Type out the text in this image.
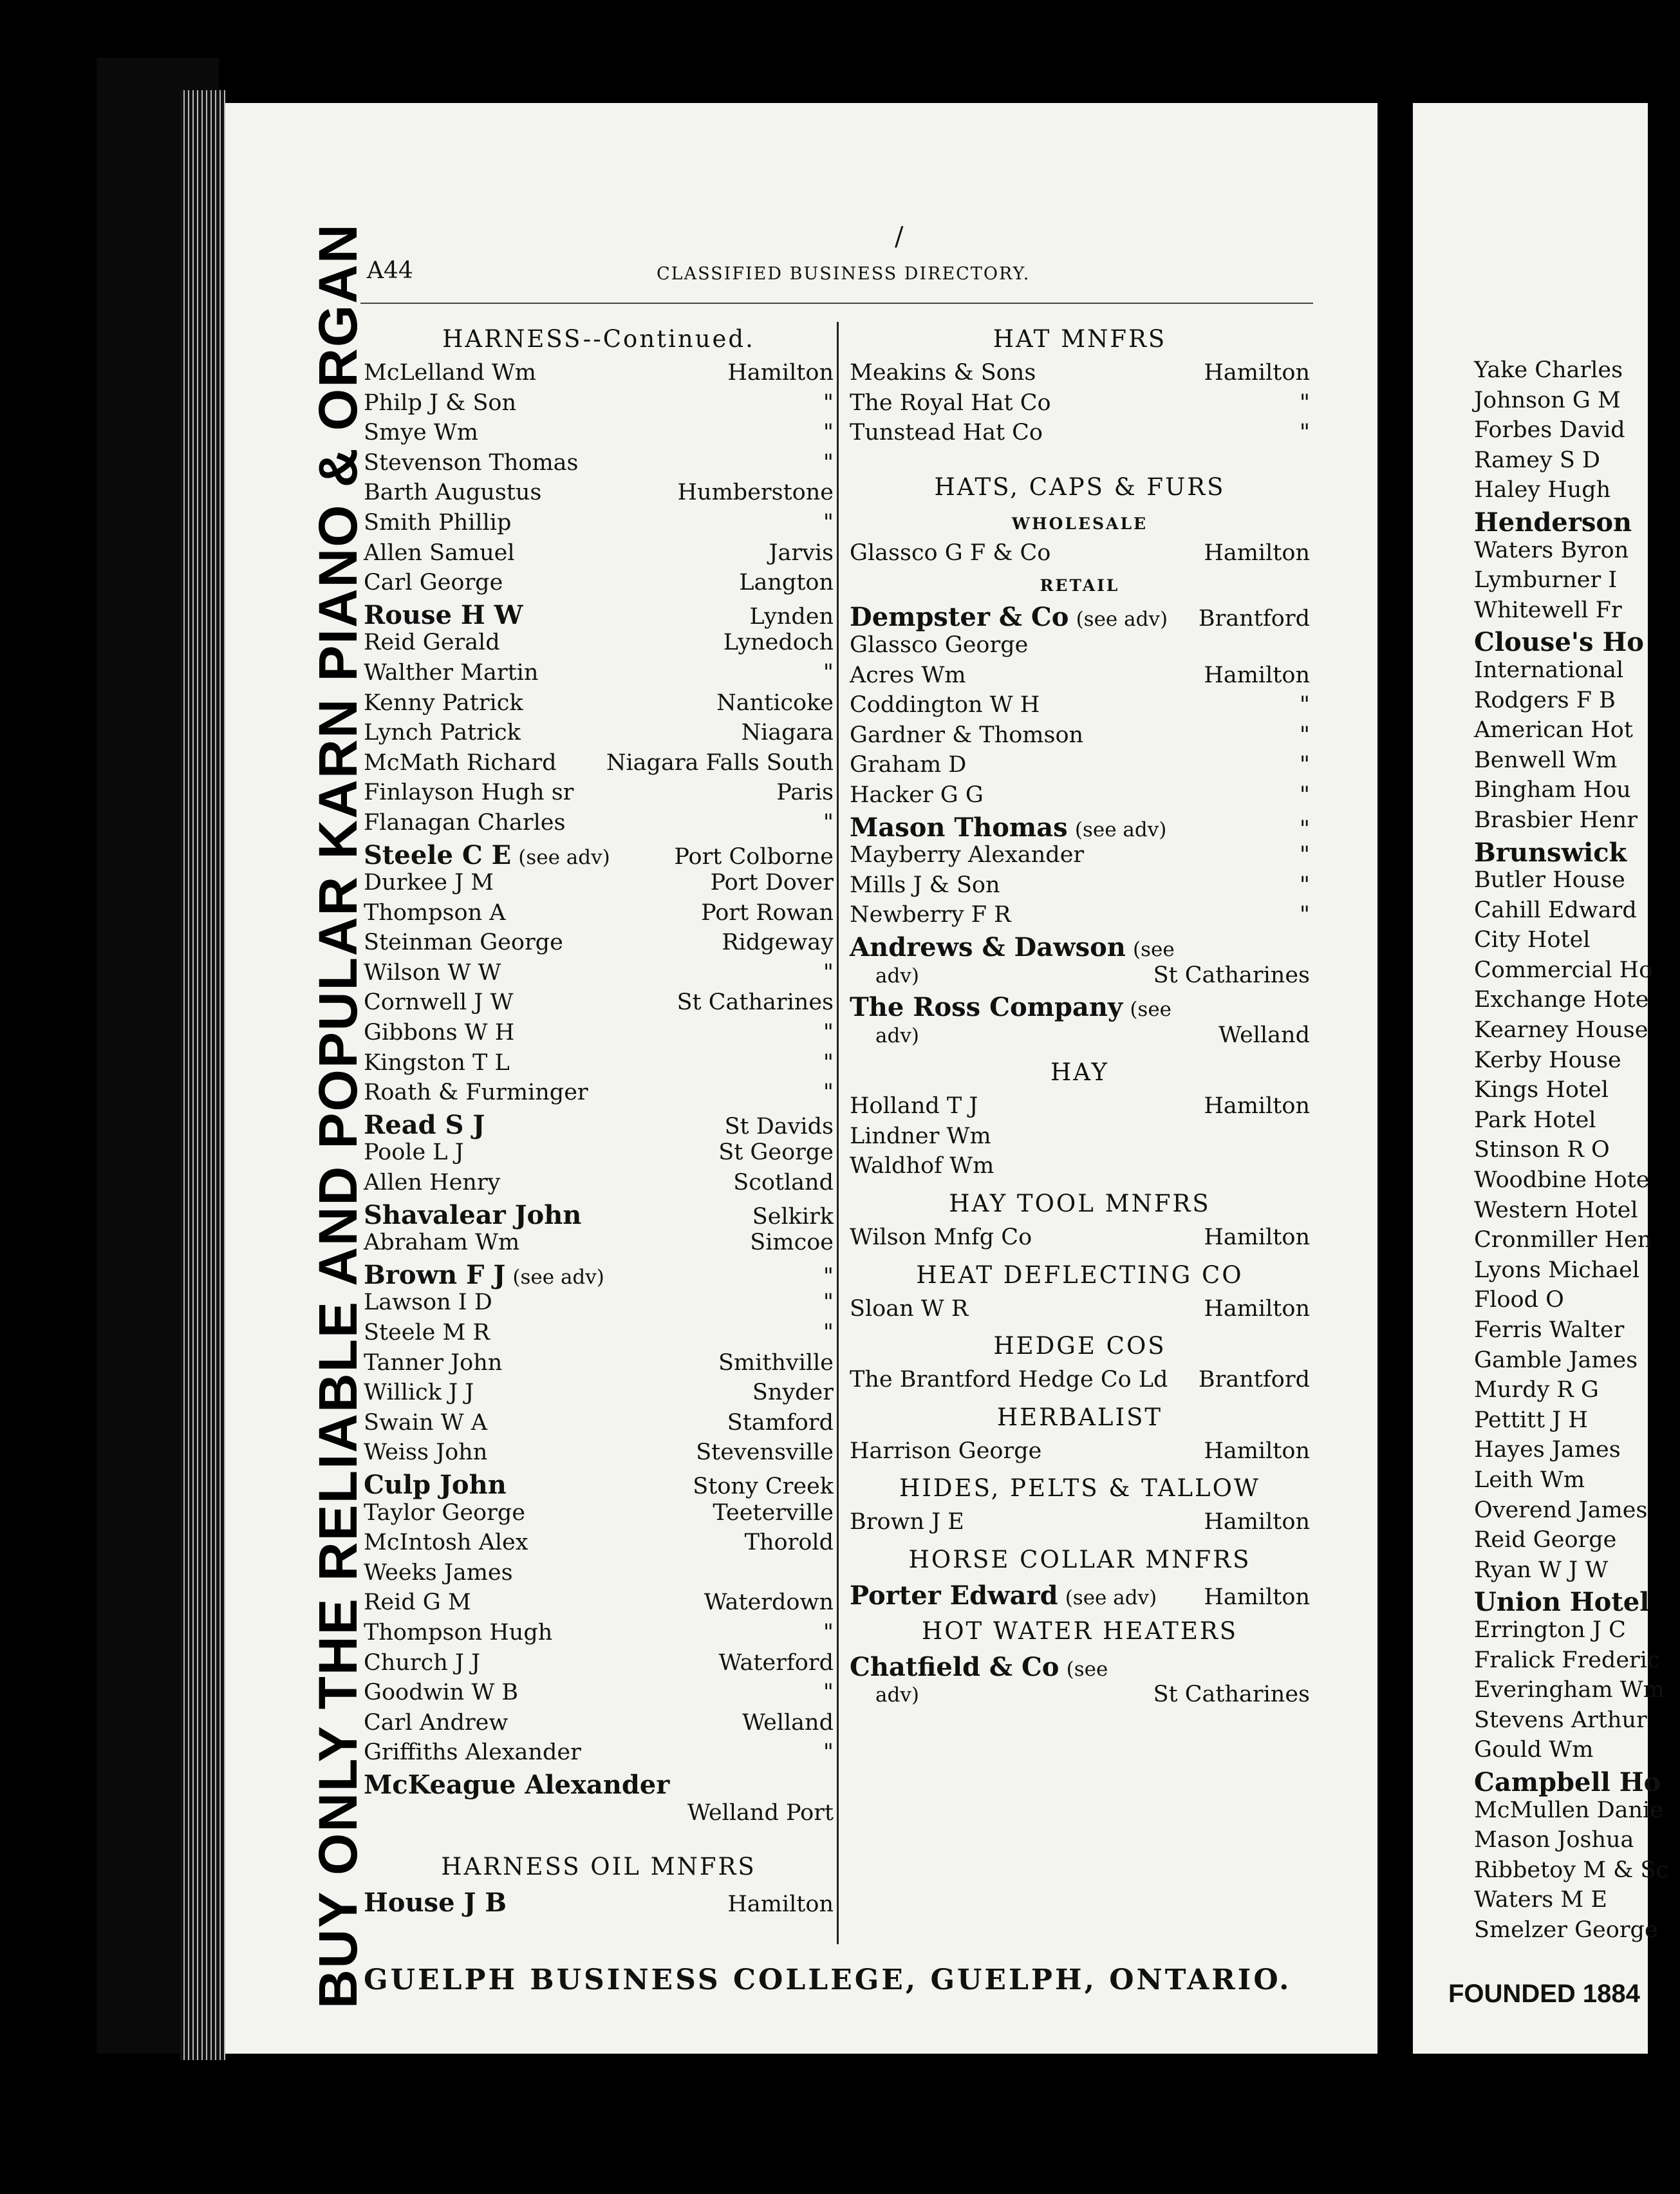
/
A44	CLASSIFIED BUSINESS DIRECTORY.
BUY ONLY THE RELIABLE AND POPULAR KARN PIANO & ORGAN	HARNESS--Continued.
McLelland Wm	Hamilton
Philp J & Son	"
Smye Wm	"
Stevenson Thomas	"
Barth Augustus	Humberstone
Smith Phillip	"
Allen Samuel	Jarvis
Carl George	Langton
Rouse H W	Lynden
Reid Gerald	Lynedoch
Walther Martin	"
Kenny Patrick	Nanticoke
Lynch Patrick	Niagara
McMath Richard Niagara Falls South
Finlayson Hugh sr	Paris
Flanagan Charles	"
Steele C E (see adv)	Port Colborne
Durkee J M	Port Dover
Thompson A	Port Rowan
Steinman George	Ridgeway
Wilson W W	"
Cornwell J W	St Catharines
Gibbons W H	"
Kingston T L	"
Roath & Furminger	"
Read S J	St Davids
Poole L J	St George
Allen Henry	Scotland
Shavalear John	Selkirk
Abraham Wm	Simcoe
Brown F J (see adv)	"
Lawson I D	"
Steele M R	"
Tanner John	Smithville
Willick J J	Snyder
Swain W A	Stamford
Weiss John	Stevensville
Culp John	Stony Creek
Taylor George	Teeterville
McIntosh Alex	Thorold
Weeks James
Reid G M	Waterdown
Thompson Hugh	"
Church J J	Waterford
Goodwin W B	"
Carl Andrew	Welland
Griffiths Alexander	"
McKeague Alexander
Welland Port
HARNESS OIL MNFRS
House J B	Hamilton
HAT MNFRS
Meakins & Sons	Hamilton
The Royal Hat Co	"
Tunstead Hat Co	"
HATS, CAPS & FURS
WHOLESALE
Glassco G F & Co	Hamilton
RETAIL
Dempster & Co (see adv) Brantford
Glassco George
Acres Wm	Hamilton
Coddington W H	"
Gardner & Thomson	"
Graham D	"
Hacker G G	"
Mason Thomas (see adv)	"
Mayberry Alexander	"
Mills J & Son	"
Newberry F R	"
Andrews & Dawson (see
adv)	St Catharines
The Ross Company (see
adv)	Welland
HAY
Holland T J	Hamilton
Lindner Wm
Waldhof Wm
HAY TOOL MNFRS
Wilson Mnfg Co	Hamilton
HEAT DEFLECTING CO
Sloan W R	Hamilton
HEDGE COS
The Brantford Hedge Co Ld Brantford
HERBALIST
Harrison George	Hamilton
HIDES, PELTS & TALLOW
Brown J E	Hamilton
HORSE COLLAR MNFRS
Porter Edward (see adv) Hamilton
HOT WATER HEATERS
Chatfield & Co (see
adv)	St Catharines
GUELPH BUSINESS COLLEGE, GUELPH, ONTARIO.
Yake Charles
Johnson G M
Forbes David
Ramey S D
Haley Hugh
Henderson
Waters Byron
Lymburner I
Whitewell Fr
Clouse's Ho
International
Rodgers F B
American Hot
Benwell Wm
Bingham Hou
Brasbier Henr
Brunswick
Butler House
Cahill Edward
City Hotel
Commercial Ho
Exchange Hote
Kearney House
Kerby House
Kings Hotel
Park Hotel
Stinson R O
Woodbine Hote
Western Hotel
Cronmiller Hen
Lyons Michael
Flood O
Ferris Walter
Gamble James
Murdy R G
Pettitt J H
Hayes James
Leith Wm
Overend James
Reid George
Ryan W J W
Union Hotel
Errington J C
Fralick Frederic
Everingham Wm
Stevens Arthur
Gould Wm
Campbell Ho
McMullen Danie
Mason Joshua
Ribbetoy M & Sc
Waters M E
Smelzer George
FOUNDED 1884
